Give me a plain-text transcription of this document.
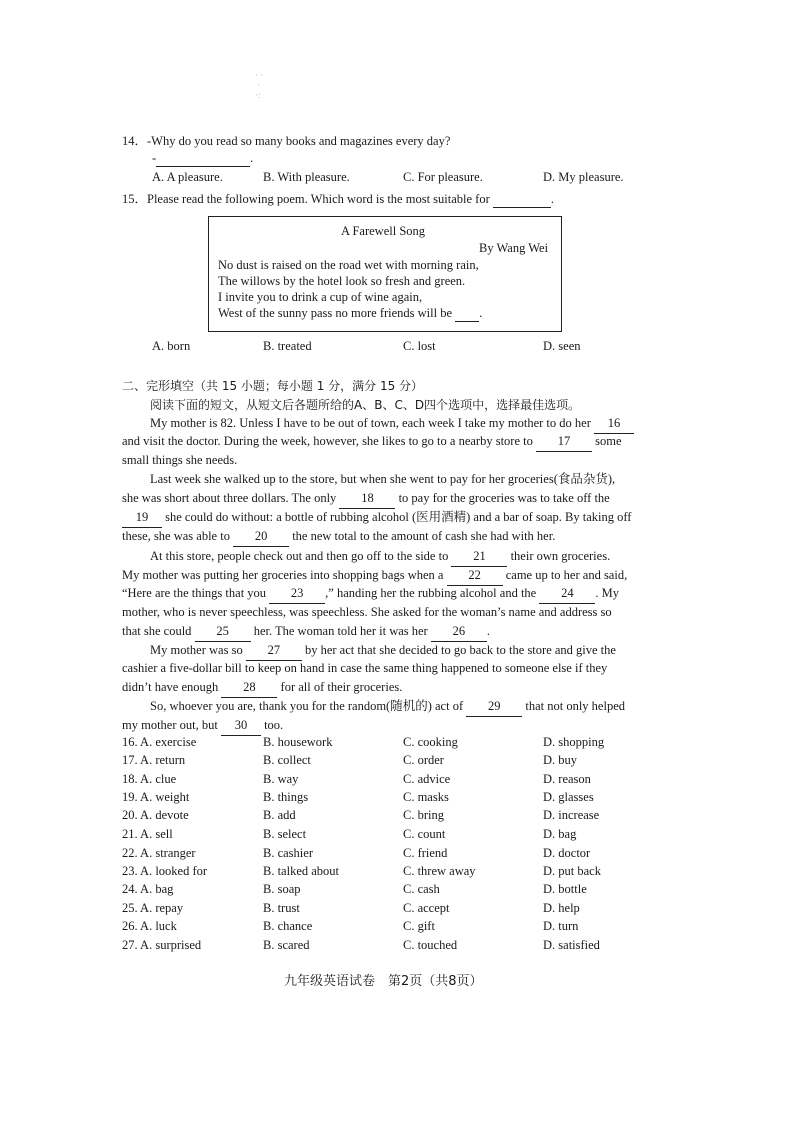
· ·
·
·:
14．-Why do you read so many books and magazines every day?
-	.
A. A pleasure.	B. With pleasure.	C. For pleasure.	D. My pleasure.
15．Please read the following poem. Which word is the most suitable for	.
A Farewell Song
By Wang Wei
No dust is raised on the road wet with morning rain,
The willows by the hotel look so fresh and green.
I invite you to drink a cup of wine again,
West of the sunny pass no more friends will be .
A. born	B. treated	C. lost	D. seen
二、完形填空（共 15 小题；每小题 1 分，满分 15 分）
阅读下面的短文，从短文后各题所给的A、B、C、D四个选项中，选择最佳选项。
My mother is 82. Unless I have to be out of town, each week I take my mother to do her 16
and visit the doctor. During the week, however, she likes to go to a nearby store to 17 some
small things she needs.
Last week she walked up to the store, but when she went to pay for her groceries(食品杂货),
she was short about three dollars. The only 18 to pay for the groceries was to take off the
19 she could do without: a bottle of rubbing alcohol (医用酒精) and a bar of soap. By taking off
these, she was able to 20 the new total to the amount of cash she had with her.
At this store, people check out and then go off to the side to 21 their own groceries.
My mother was putting her groceries into shopping bags when a 22 came up to her and said,
“Here are the things that you 23 ,” handing her the rubbing alcohol and the 24 . My
mother, who is never speechless, was speechless. She asked for the woman’s name and address so
that she could 25 her. The woman told her it was her 26 .
My mother was so 27 by her act that she decided to go back to the store and give the
cashier a five-dollar bill to keep on hand in case the same thing happened to someone else if they
didn’t have enough 28 for all of their groceries.
So, whoever you are, thank you for the random(随机的) act of 29 that not only helped
my mother out, but 30 too.
16. A. exercise	B. housework	C. cooking	D. shopping
17. A. return	B. collect	C. order	D. buy
18. A. clue	B. way	C. advice	D. reason
19. A. weight	B. things	C. masks	D. glasses
20. A. devote	B. add	C. bring	D. increase
21. A. sell	B. select	C. count	D. bag
22. A. stranger	B. cashier	C. friend	D. doctor
23. A. looked for	B. talked about	C. threw away	D. put back
24. A. bag	B. soap	C. cash	D. bottle
25. A. repay	B. trust	C. accept	D. help
26. A. luck	B. chance	C. gift	D. turn
27. A. surprised	B. scared	C. touched	D. satisfied
九年级英语试卷　第2页（共8页）
